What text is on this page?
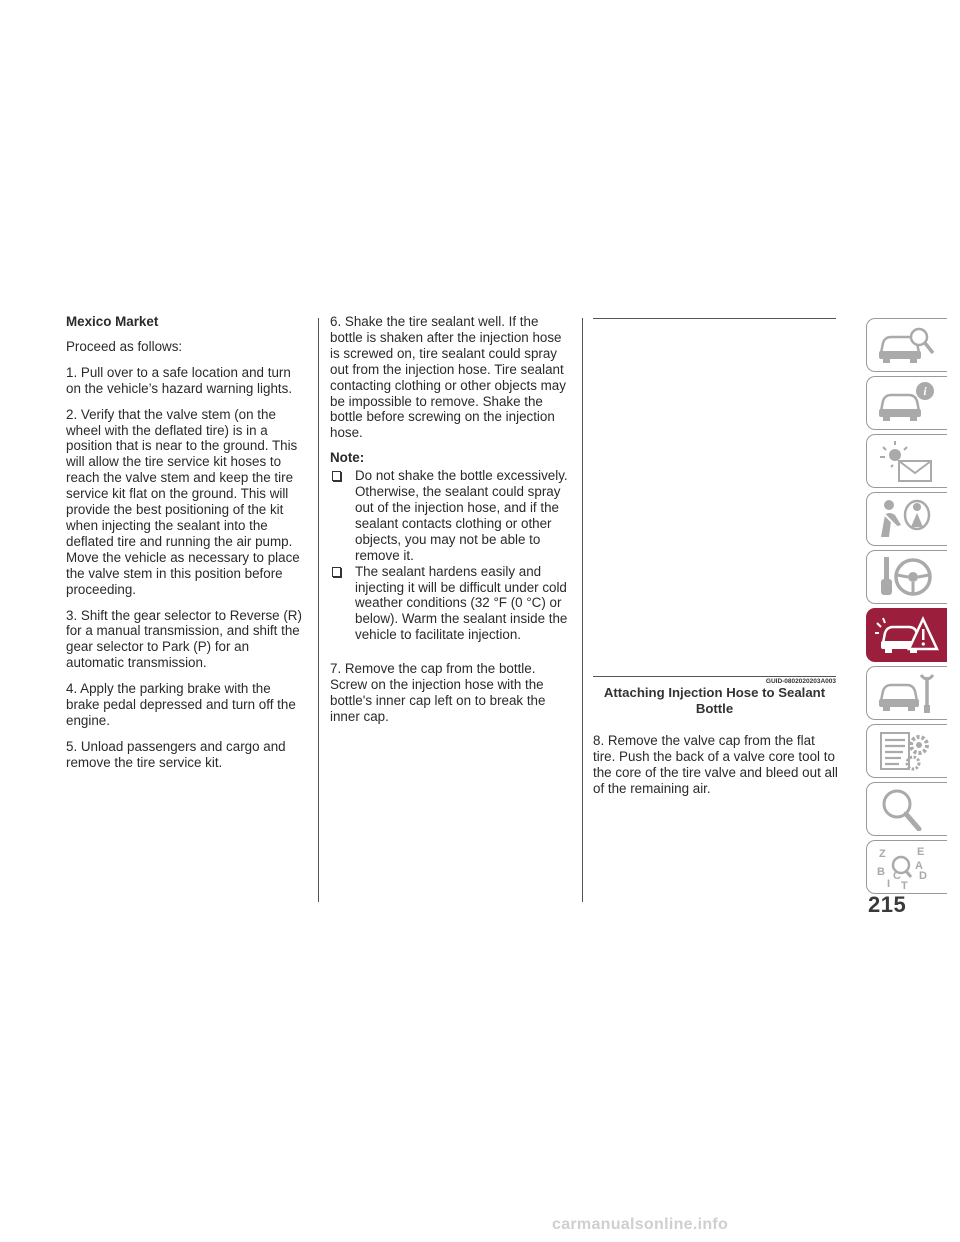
Mexico Market

Proceed as follows:

1. Pull over to a safe location and turn on the vehicle’s hazard warning lights.

2. Verify that the valve stem (on the wheel with the deflated tire) is in a position that is near to the ground. This will allow the tire service kit hoses to reach the valve stem and keep the tire service kit flat on the ground. This will provide the best positioning of the kit when injecting the sealant into the deflated tire and running the air pump. Move the vehicle as necessary to place the valve stem in this position before proceeding.

3. Shift the gear selector to Reverse (R) for a manual transmission, and shift the gear selector to Park (P) for an automatic transmission.

4. Apply the parking brake with the brake pedal depressed and turn off the engine.

5. Unload passengers and cargo and remove the tire service kit.

6. Shake the tire sealant well. If the bottle is shaken after the injection hose is screwed on, tire sealant could spray out from the injection hose. Tire sealant contacting clothing or other objects may be impossible to remove. Shake the bottle before screwing on the injection hose.

Note:

Do not shake the bottle excessively. Otherwise, the sealant could spray out of the injection hose, and if the sealant contacts clothing or other objects, you may not be able to remove it.

The sealant hardens easily and injecting it will be difficult under cold weather conditions (32 °F (0 °C) or below). Warm the sealant inside the vehicle to facilitate injection.

7. Remove the cap from the bottle. Screw on the injection hose with the bottle's inner cap left on to break the inner cap.

GUID-0802020203A003
Attaching Injection Hose to Sealant Bottle

8. Remove the valve cap from the flat tire. Push the back of a valve core tool to the core of the tire valve and bleed out all of the remaining air.

i
Z	E
A
B C D
I T
215
carmanualsonline.info
